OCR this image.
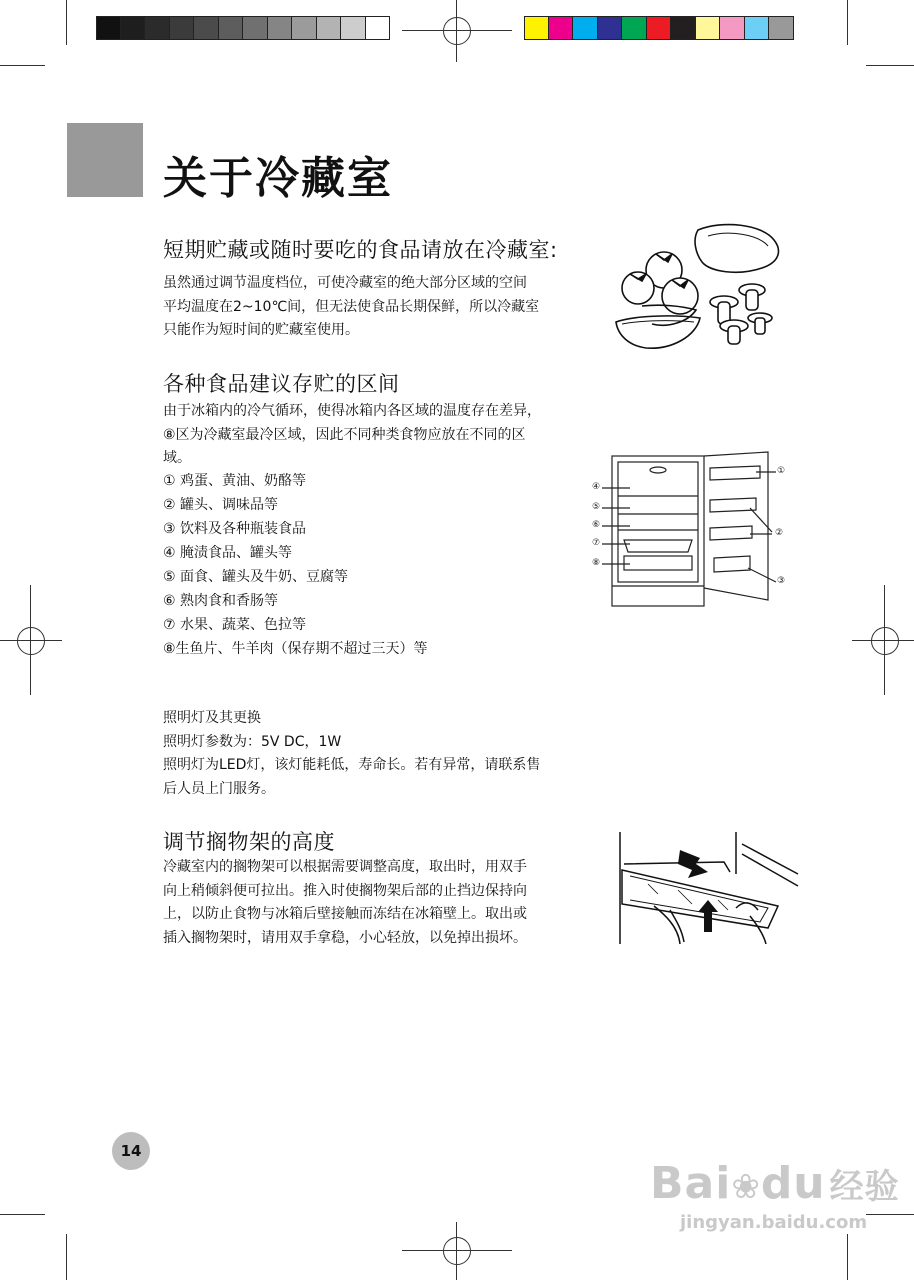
关于冷藏室
短期贮藏或随时要吃的食品请放在冷藏室:
虽然通过调节温度档位，可使冷藏室的绝大部分区域的空间
平均温度在2~10℃间，但无法使食品长期保鲜，所以冷藏室
只能作为短时间的贮藏室使用。
各种食品建议存贮的区间
由于冰箱内的冷气循环，使得冰箱内各区域的温度存在差异，
⑧区为冷藏室最冷区域，因此不同种类食物应放在不同的区
域。
① 鸡蛋、黄油、奶酪等
② 罐头、调味品等
③ 饮料及各种瓶装食品
④ 腌渍食品、罐头等
⑤ 面食、罐头及牛奶、豆腐等
⑥ 熟肉食和香肠等
⑦ 水果、蔬菜、色拉等
⑧生鱼片、牛羊肉（保存期不超过三天）等
④
⑤
⑥
⑦
⑧
①
②
③
照明灯及其更换
照明灯参数为：5V DC，1W
照明灯为LED灯，该灯能耗低，寿命长。若有异常，请联系售
后人员上门服务。
调节搁物架的高度
冷藏室内的搁物架可以根据需要调整高度，取出时，用双手
向上稍倾斜便可拉出。推入时使搁物架后部的止挡边保持向
上，以防止食物与冰箱后壁接触而冻结在冰箱壁上。取出或
插入搁物架时，请用双手拿稳，小心轻放，以免掉出损坏。
14
Bai❀du 经验
jingyan.baidu.com
